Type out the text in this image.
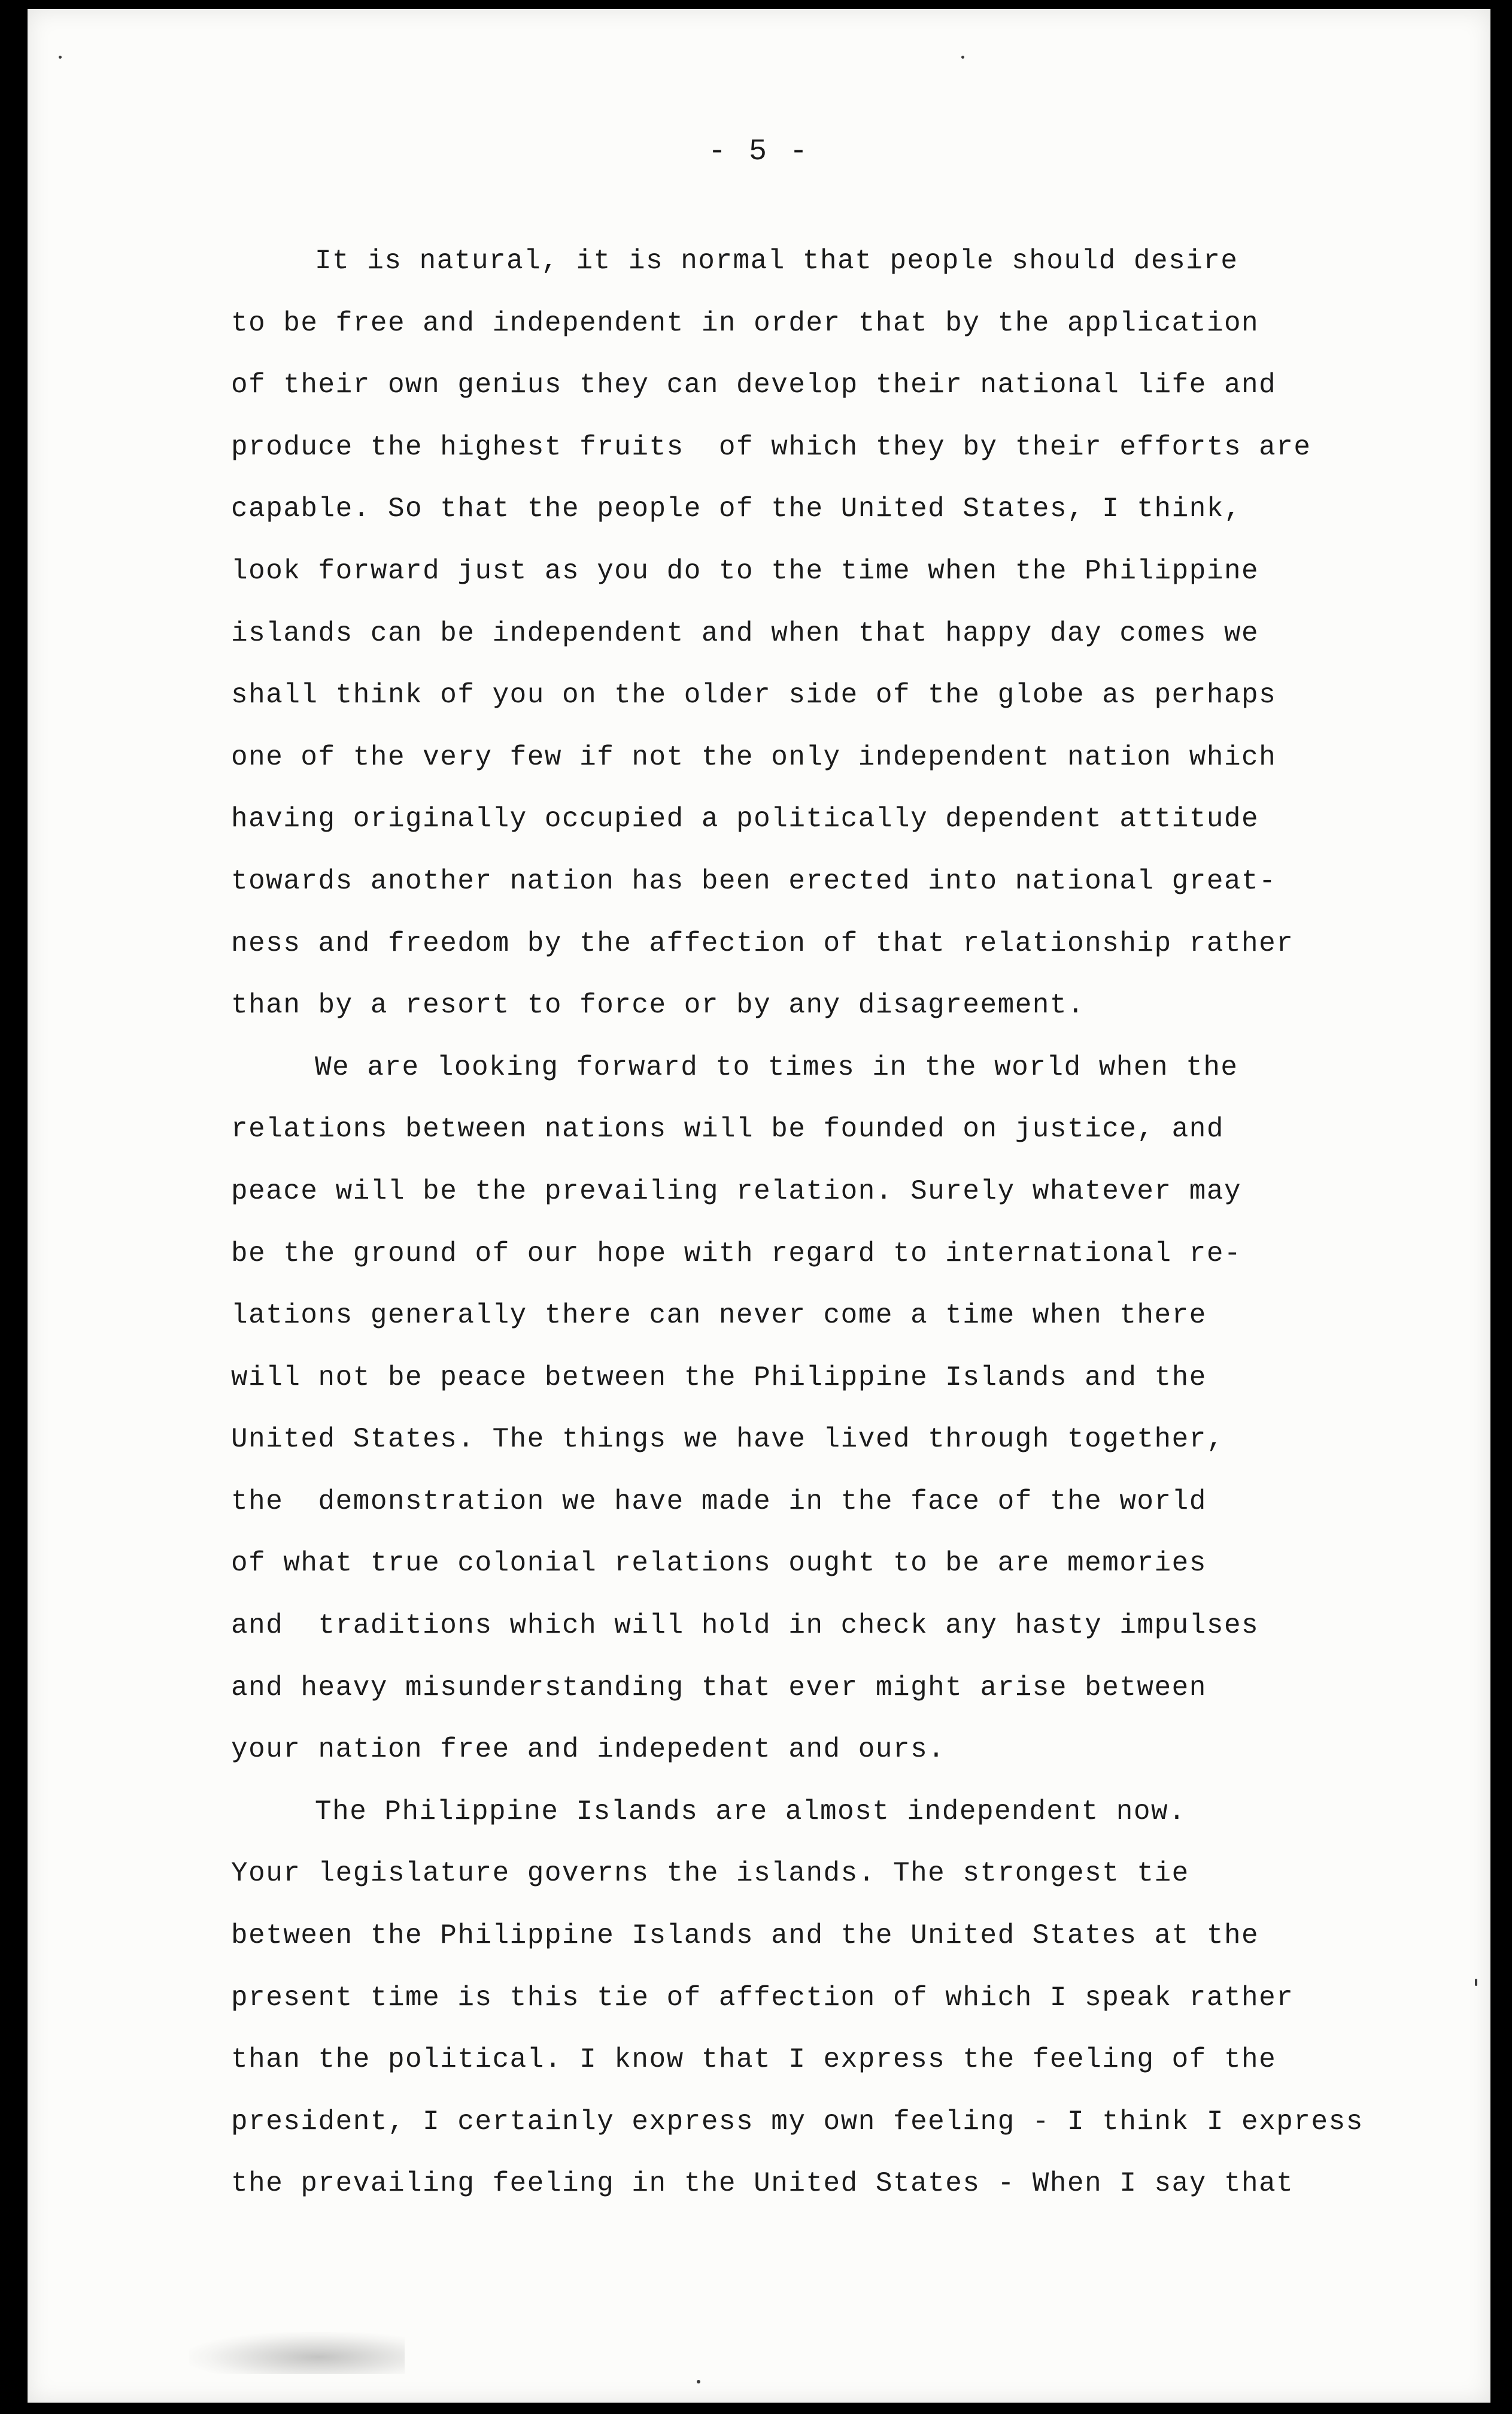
- 5 -

It is natural, it is normal that people should desire
to be free and independent in order that by the application
of their own genius they can develop their national life and
produce the highest fruits  of which they by their efforts are
capable. So that the people of the United States, I think,
look forward just as you do to the time when the Philippine
islands can be independent and when that happy day comes we
shall think of you on the older side of the globe as perhaps
one of the very few if not the only independent nation which
having originally occupied a politically dependent attitude
towards another nation has been erected into national great-
ness and freedom by the affection of that relationship rather
than by a resort to force or by any disagreement.
We are looking forward to times in the world when the
relations between nations will be founded on justice, and
peace will be the prevailing relation. Surely whatever may
be the ground of our hope with regard to international re-
lations generally there can never come a time when there
will not be peace between the Philippine Islands and the
United States. The things we have lived through together,
the  demonstration we have made in the face of the world
of what true colonial relations ought to be are memories
and  traditions which will hold in check any hasty impulses
and heavy misunderstanding that ever might arise between
your nation free and indepedent and ours.
The Philippine Islands are almost independent now.
Your legislature governs the islands. The strongest tie
between the Philippine Islands and the United States at the
present time is this tie of affection of which I speak rather
than the political. I know that I express the feeling of the
president, I certainly express my own feeling - I think I express
the prevailing feeling in the United States - When I say that
